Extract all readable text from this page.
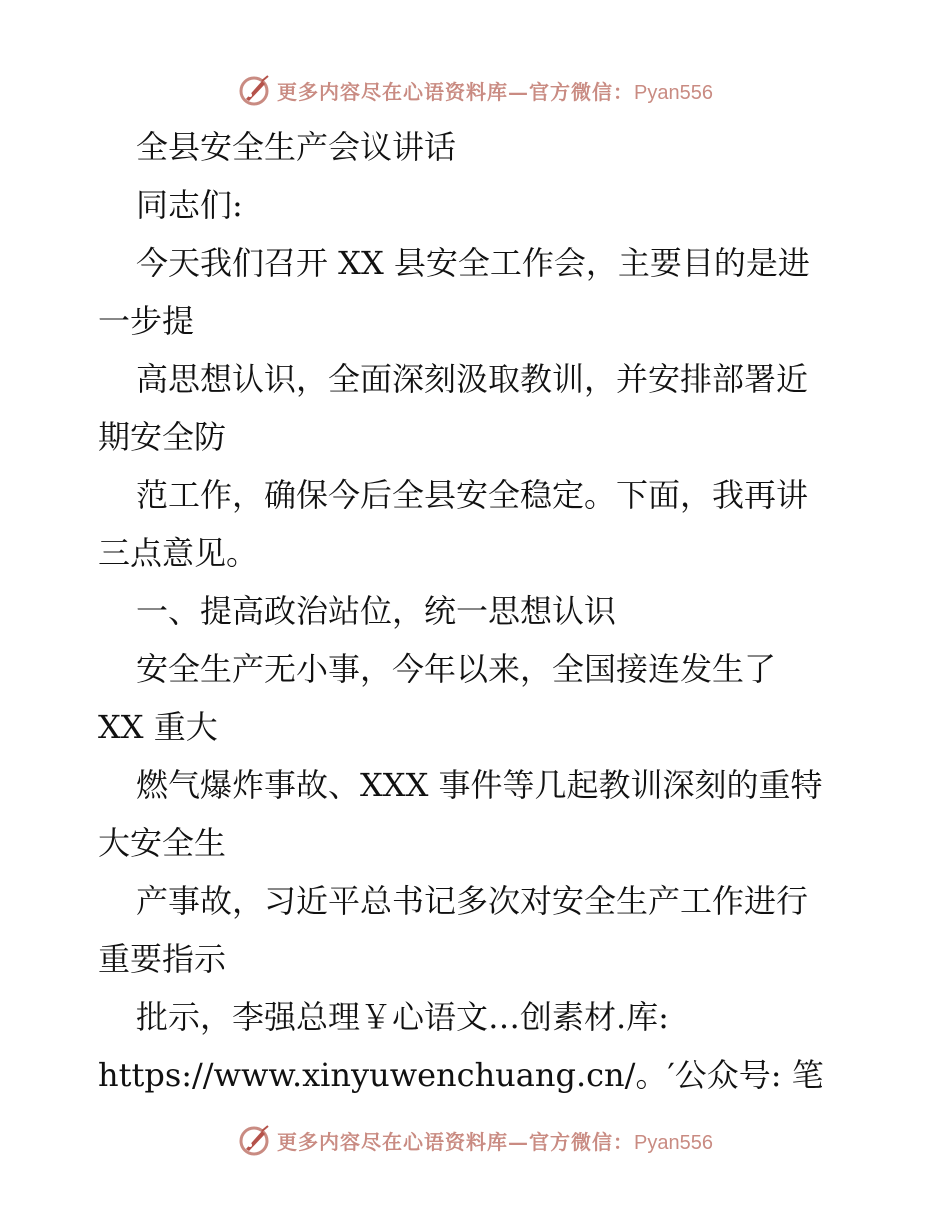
更多内容尽在心语资料库—官方微信：Pyan556
全县安全生产会议讲话
同志们:
今天我们召开 XX 县安全工作会，主要目的是进
一步提
高思想认识，全面深刻汲取教训，并安排部署近
期安全防
范工作，确保今后全县安全稳定。下面，我再讲
三点意见。
一、提高政治站位，统一思想认识
安全生产无小事，今年以来，全国接连发生了
XX 重大
燃气爆炸事故、XXX 事件等几起教训深刻的重特
大安全生
产事故，习近平总书记多次对安全生产工作进行
重要指示
批示，李强总理￥心语文…创素材.库:
https://www.xinyuwenchuang.cn/。′公众号: 笔
更多内容尽在心语资料库—官方微信：Pyan556
